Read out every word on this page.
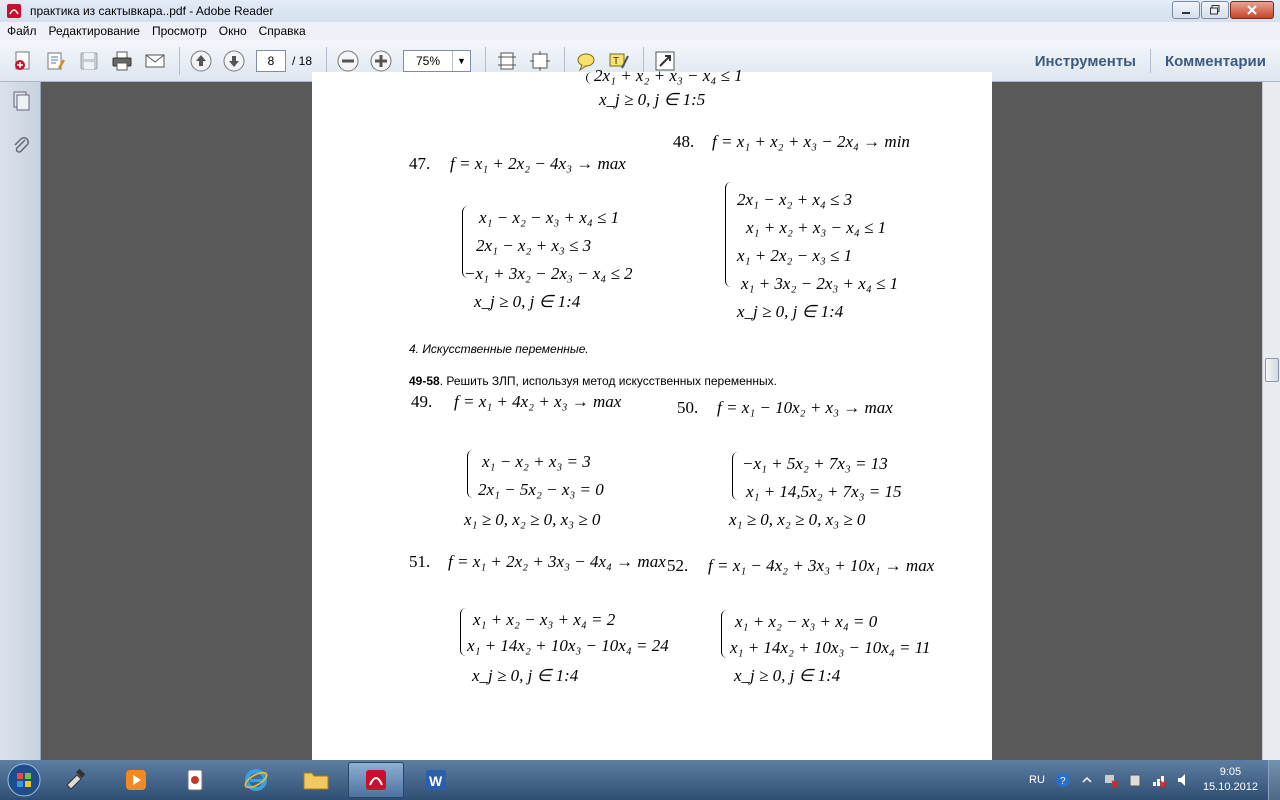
практика из сактывкара..pdf - Adobe Reader
Файл Редактирование Просмотр Окно Справка
8	/ 18	75%	▼	T	Инструменты	Комментарии
2x₁ + x₂ + x₃ − x₄ ≤ 1
x_j ≥ 0, j ∈ 1:5
47. f = x₁ + 2x₂ − 4x₃ → max
x₁ − x₂ − x₃ + x₄ ≤ 1
2x₁ − x₂ + x₃ ≤ 3
−x₁ + 3x₂ − 2x₃ − x₄ ≤ 2
x_j ≥ 0, j ∈ 1:4
48. f = x₁ + x₂ + x₃ − 2x₄ → min
2x₁ − x₂ + x₄ ≤ 3
x₁ + x₂ + x₃ − x₄ ≤ 1
x₁ + 2x₂ − x₃ ≤ 1
x₁ + 3x₂ − 2x₃ + x₄ ≤ 1
x_j ≥ 0, j ∈ 1:4
4. Искусственные переменные.
49-58. Решить ЗЛП, используя метод искусственных переменных.
49. f = x₁ + 4x₂ + x₃ → max
x₁ − x₂ + x₃ = 3
2x₁ − 5x₂ − x₃ = 0
x₁ ≥ 0, x₂ ≥ 0, x₃ ≥ 0
50. f = x₁ − 10x₂ + x₃ → max
−x₁ + 5x₂ + 7x₃ = 13
x₁ + 14,5x₂ + 7x₃ = 15
x₁ ≥ 0, x₂ ≥ 0, x₃ ≥ 0
51. f = x₁ + 2x₂ + 3x₃ − 4x₄ → max
x₁ + x₂ − x₃ + x₄ = 2
x₁ + 14x₂ + 10x₃ − 10x₄ = 24
x_j ≥ 0, j ∈ 1:4
52. f = x₁ − 4x₂ + 3x₃ + 10x₁ → max
x₁ + x₂ − x₃ + x₄ = 0
x₁ + 14x₂ + 10x₃ − 10x₄ = 11
x_j ≥ 0, j ∈ 1:4
W	RU ?
9:05
15.10.2012
